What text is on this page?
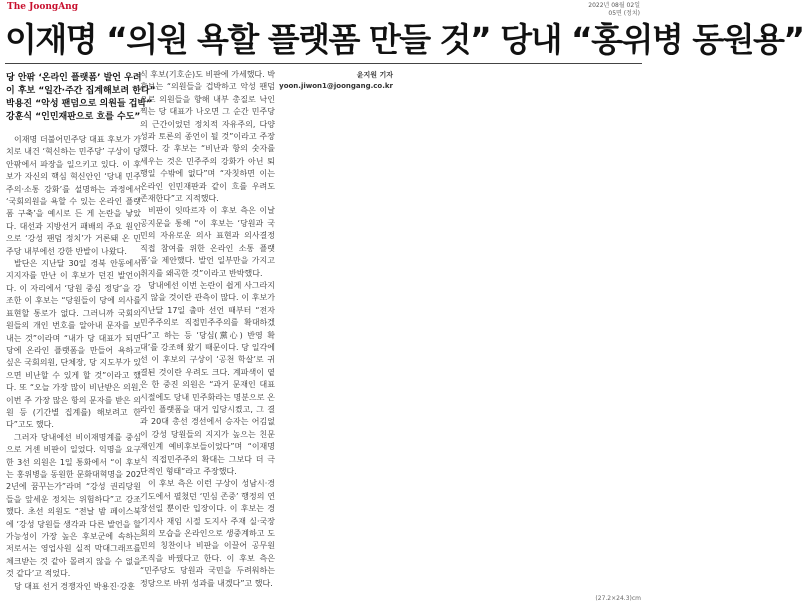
The JoongAng	2022년 08월 02일
05면 (정치)
이재명 “의원 욕할 플랫폼 만들 것” 당내 “홍위병 동원용”
당 안팎 ‘온라인 플랫폼’ 발언 우려
이 후보 “일간·주간 집계해보려 한다”
박용진 “악성 팬덤으로 의원들 겁박”
강훈식 “인민재판으로 흐를 수도”

이재명 더불어민주당 대표 후보가 가치로 내건 ‘혁신하는 민주당’ 구상이 당 안팎에서 파장을 일으키고 있다. 이 후보가 자신의 핵심 혁신안인 ‘당내 민주주의·소통 강화’를 설명하는 과정에서 ‘국회의원을 욕할 수 있는 온라인 플랫폼 구축’을 예시로 든 게 논란을 낳았다. 대선과 지방선거 패배의 주요 원인으로 ‘강성 팬덤 정치’가 거론돼 온 민주당 내부에선 강한 반발이 나왔다.

발단은 지난달 30일 경북 안동에서 지지자를 만난 이 후보가 던진 발언이다. 이 자리에서 ‘당원 중심 정당’을 강조한 이 후보는 “당원들이 당에 의사를 표현할 통로가 없다. 그러니까 국회의원들의 개인 번호를 알아내 문자를 보내는 것”이라며 “내가 당 대표가 되면 당에 온라인 플랫폼을 만들어 욕하고 싶은 국회의원, 단체장, 당 지도부가 있으면 비난할 수 있게 할 것”이라고 했다. 또 “오늘 가장 많이 비난받은 의원, 이번 주 가장 많은 항의 문자를 받은 의원 등 (기간별 집계를) 해보려고 한다”고도 했다.

그러자 당내에선 비이재명계를 중심으로 거센 비판이 일었다. 익명을 요구한 3선 의원은 1일 통화에서 “이 후보는 홍위병을 동원한 문화대혁명을 2022년에 꿈꾸는가”라며 “강성 권리당원들을 앞세운 정치는 위험하다”고 강조했다. 초선 의원도 “전날 밤 페이스북에 ‘강성 당원들 생각과 다른 발언을 할 가능성이 가장 높은 후보군에 속하는 저로서는 영업사원 실적 막대그래프를 체크받는 것 같아 몰려지 않을 수 없을 것 같다’고 적었다.

당 대표 선거 경쟁자인 박용진·강훈

식 후보(기호순)도 비판에 가세했다. 박 후보는 “의원들을 겁박하고 악성 팬덤으로 의원들을 향해 내부 총질로 낙인찍는 당 대표가 나오면 그 순간 민주당의 근간이었던 정치적 자유주의, 다양성과 토론의 종언이 될 것”이라고 주장했다. 강 후보는 “비난과 항의 숫자를 세우는 것은 민주주의 강화가 아닌 퇴행일 수밖에 없다”며 “자칫하면 이는 온라인 인민재판과 같이 흐를 우려도 존재한다”고 지적했다.

비판이 잇따르자 이 후보 측은 이날 공지문을 통해 “이 후보는 ‘당원과 국민의 자유로운 의사 표현과 의사결정 직접 참여를 위한 온라인 소통 플랫폼’을 제안했다. 발언 일부만을 가지고 취지를 왜곡한 것”이라고 반박했다.

당내에선 이번 논란이 쉽게 사그라지지 않을 것이란 관측이 많다. 이 후보가 지난달 17일 출마 선언 때부터 “전자민주주의로 직접민주주의를 확대하겠다”고 하는 등 ‘당심(黨心) 반영 확대’를 강조해 왔기 때문이다. 당 일각에선 이 후보의 구상이 ‘공천 학살’로 귀결된 것이란 우려도 크다. 계파색이 옅은 한 중진 의원은 “과거 문재인 대표 시절에도 당내 민주화라는 명분으로 온라인 플랫폼을 대거 입당시켰고, 그 결과 20대 총선 경선에서 승자는 어김없이 강성 당원들의 지지가 높으는 친문재인계 예비후보들이었다”며 “이재명식 직접민주주의 확대는 그보다 더 극단적인 형태”라고 주장했다.

이 후보 측은 이런 구상이 성남시·경기도에서 펼쳤던 ‘민심 존중’ 행정의 연장선일 뿐이란 입장이다. 이 후보는 경기지사 재임 시절 도지사 주재 실·국장 회의 모습을 온라인으로 생중계하고 도민의 칭찬이나 비판을 이끌어 공무원 조직을 바꿨다고 한다. 이 후보 측은 “민주당도 당원과 국민을 두려워하는 정당으로 바뀌 성과를 내겠다”고 했다.

윤지원 기자 yoon.jiwon1@joongang.co.kr
(27.2×24.3)cm
